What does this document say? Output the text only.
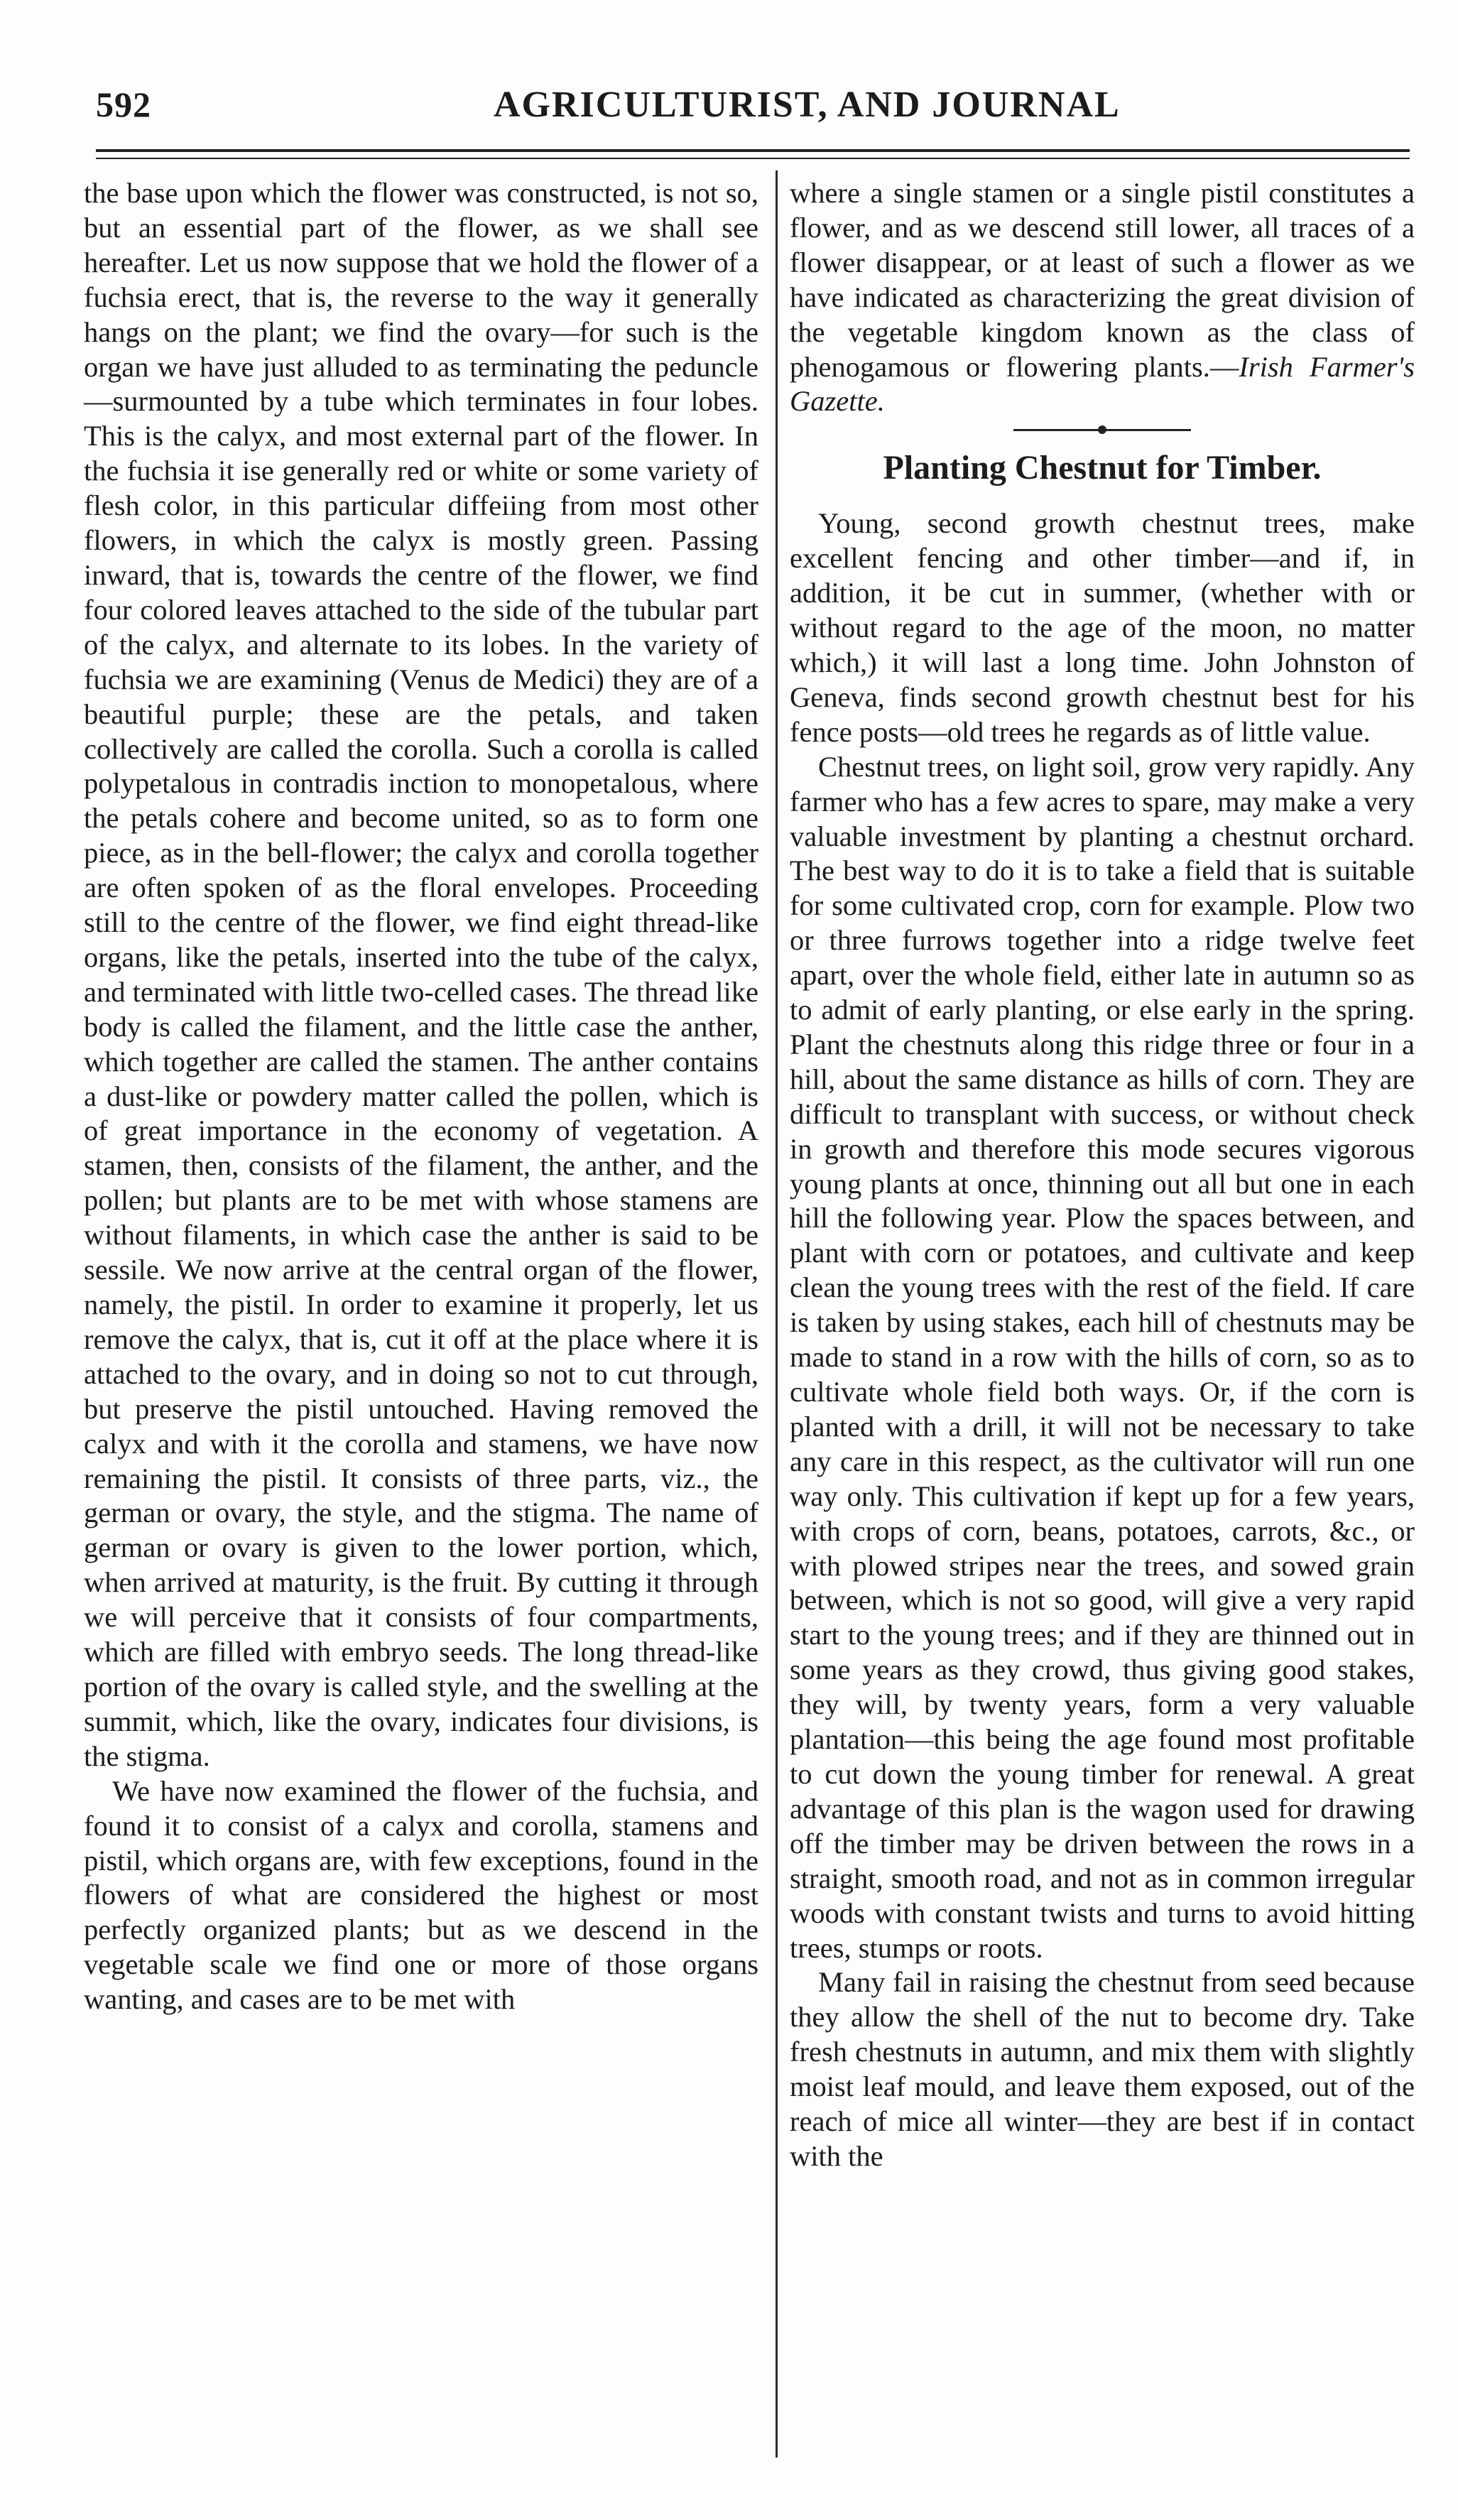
592	AGRICULTURIST, AND JOURNAL

the base upon which the flower was constructed, is not so, but an essential part of the flower, as we shall see hereafter. Let us now suppose that we hold the flower of a fuchsia erect, that is, the reverse to the way it generally hangs on the plant; we find the ovary—for such is the organ we have just alluded to as terminating the peduncle—surmounted by a tube which terminates in four lobes. This is the calyx, and most external part of the flower. In the fuchsia it ise generally red or white or some variety of flesh color, in this particular diffeiing from most other flowers, in which the calyx is mostly green. Passing inward, that is, towards the centre of the flower, we find four colored leaves attached to the side of the tubular part of the calyx, and alternate to its lobes. In the variety of fuchsia we are examining (Venus de Medici) they are of a beautiful purple; these are the petals, and taken collectively are called the corolla. Such a corolla is called polypetalous in contradis inction to monopetalous, where the petals cohere and become united, so as to form one piece, as in the bell-flower; the calyx and corolla together are often spoken of as the floral envelopes. Proceeding still to the centre of the flower, we find eight thread-like organs, like the petals, inserted into the tube of the calyx, and terminated with little two-celled cases. The thread like body is called the filament, and the little case the anther, which together are called the stamen. The anther contains a dust-like or powdery matter called the pollen, which is of great importance in the economy of vegetation. A stamen, then, consists of the filament, the anther, and the pollen; but plants are to be met with whose stamens are without filaments, in which case the anther is said to be sessile. We now arrive at the central organ of the flower, namely, the pistil. In order to examine it properly, let us remove the calyx, that is, cut it off at the place where it is attached to the ovary, and in doing so not to cut through, but preserve the pistil untouched. Having removed the calyx and with it the corolla and stamens, we have now remaining the pistil. It consists of three parts, viz., the german or ovary, the style, and the stigma. The name of german or ovary is given to the lower portion, which, when arrived at maturity, is the fruit. By cutting it through we will perceive that it consists of four compartments, which are filled with embryo seeds. The long thread-like portion of the ovary is called style, and the swelling at the summit, which, like the ovary, indicates four divisions, is the stigma.

We have now examined the flower of the fuchsia, and found it to consist of a calyx and corolla, stamens and pistil, which organs are, with few exceptions, found in the flowers of what are considered the highest or most perfectly organized plants; but as we descend in the vegetable scale we find one or more of those organs wanting, and cases are to be met with

where a single stamen or a single pistil constitutes a flower, and as we descend still lower, all traces of a flower disappear, or at least of such a flower as we have indicated as characterizing the great division of the vegetable kingdom known as the class of phenogamous or flowering plants.—Irish Farmer's Gazette.

Planting Chestnut for Timber.

Young, second growth chestnut trees, make excellent fencing and other timber—and if, in addition, it be cut in summer, (whether with or without regard to the age of the moon, no matter which,) it will last a long time. John Johnston of Geneva, finds second growth chestnut best for his fence posts—old trees he regards as of little value.

Chestnut trees, on light soil, grow very rapidly. Any farmer who has a few acres to spare, may make a very valuable investment by planting a chestnut orchard. The best way to do it is to take a field that is suitable for some cultivated crop, corn for example. Plow two or three furrows together into a ridge twelve feet apart, over the whole field, either late in autumn so as to admit of early planting, or else early in the spring. Plant the chestnuts along this ridge three or four in a hill, about the same distance as hills of corn. They are difficult to transplant with success, or without check in growth and therefore this mode secures vigorous young plants at once, thinning out all but one in each hill the following year. Plow the spaces between, and plant with corn or potatoes, and cultivate and keep clean the young trees with the rest of the field. If care is taken by using stakes, each hill of chestnuts may be made to stand in a row with the hills of corn, so as to cultivate whole field both ways. Or, if the corn is planted with a drill, it will not be necessary to take any care in this respect, as the cultivator will run one way only. This cultivation if kept up for a few years, with crops of corn, beans, potatoes, carrots, &c., or with plowed stripes near the trees, and sowed grain between, which is not so good, will give a very rapid start to the young trees; and if they are thinned out in some years as they crowd, thus giving good stakes, they will, by twenty years, form a very valuable plantation—this being the age found most profitable to cut down the young timber for renewal. A great advantage of this plan is the wagon used for drawing off the timber may be driven between the rows in a straight, smooth road, and not as in common irregular woods with constant twists and turns to avoid hitting trees, stumps or roots.

Many fail in raising the chestnut from seed because they allow the shell of the nut to become dry. Take fresh chestnuts in autumn, and mix them with slightly moist leaf mould, and leave them exposed, out of the reach of mice all winter—they are best if in contact with the
